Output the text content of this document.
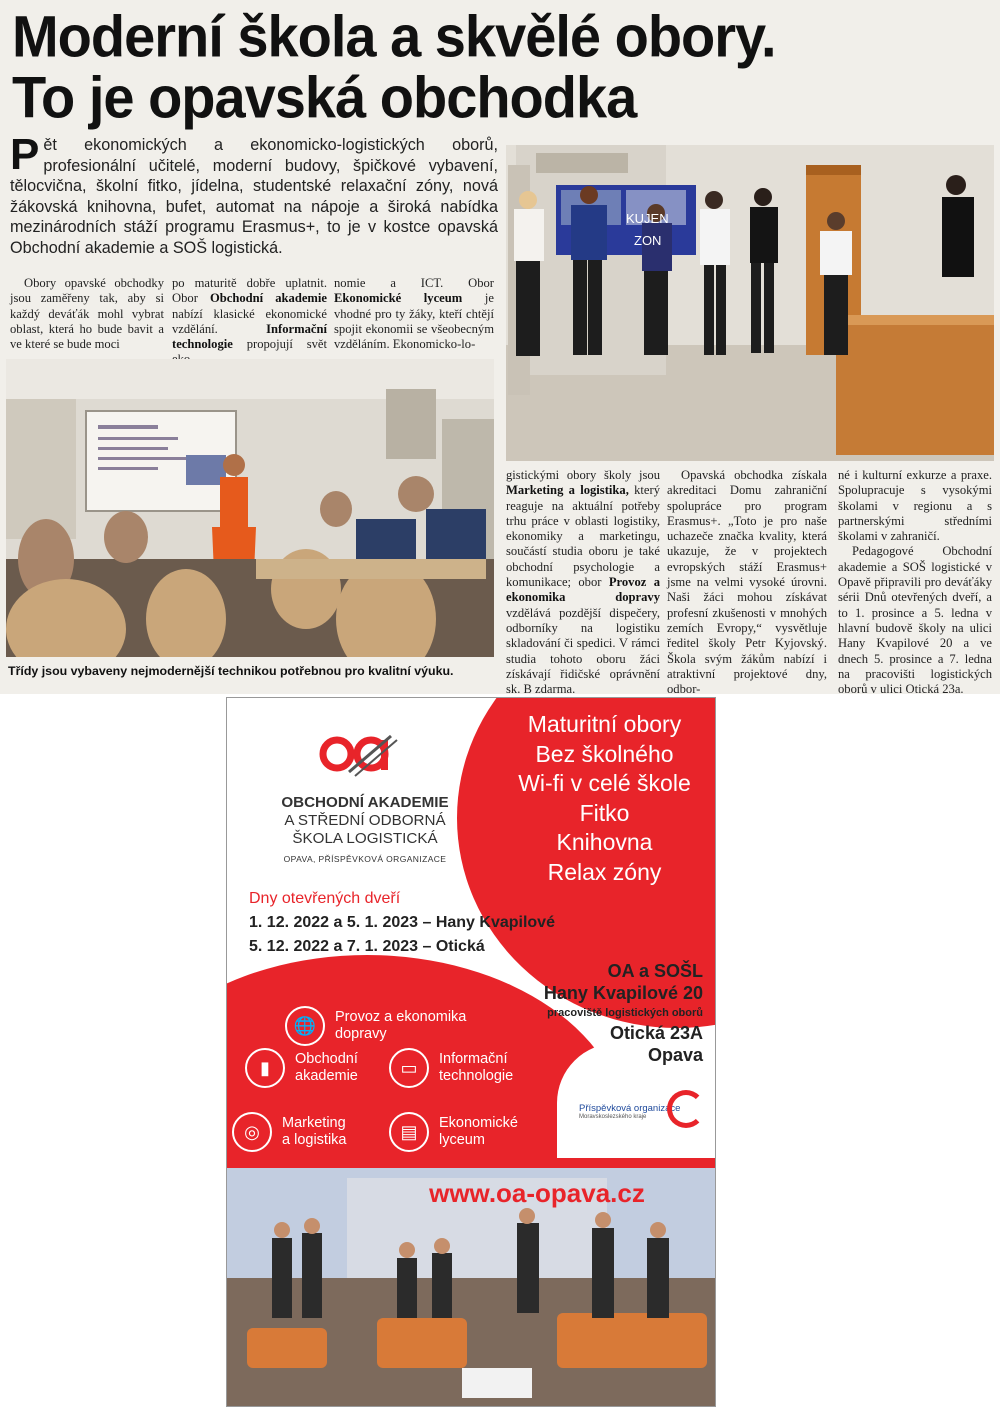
Moderní škola a skvělé obory.
To je opavská obchodka
P ět ekonomických a ekonomicko-logistických oborů, profesionální učitelé, moderní budovy, špičkové vybavení, tělocvična, školní fitko, jídelna, studentské relaxační zóny, nová žákovská knihovna, bufet, automat na nápoje a široká nabídka mezinárodních stáží programu Erasmus+, to je v kostce opavská Obchodní akademie a SOŠ logistická.
KUJEN
ZON

Obory opavské obchodky jsou zaměřeny tak, aby si každý deváťák mohl vybrat oblast, která ho bude bavit a ve které se bude moci

po maturitě dobře uplatnit. Obor Obchodní akademie nabízí klasické ekonomické vzdělání. Informační technologie propojují svět
nomie a ICT. Obor Ekonomické lyceum je vhodné pro ty žáky, kteří chtějí spojit ekonomii se všeobecným vzděláním. Ekonomicko-lo-
gistickými obory školy jsou Marketing a logistika, který reaguje na aktuální potřeby trhu práce v oblasti logistiky, ekonomiky a marketingu, součástí studia oboru je také obchodní psychologie a komunikace; obor Provoz a ekonomika dopravy vzdělává pozdější dispečery, odborníky na logistiku skladování či spedici. V rámci studia tohoto oboru žáci získávají řidičské oprávnění sk. B zdarma.

Opavská obchodka získala akreditaci Domu zahraniční spolupráce pro program Erasmus+. „Toto je pro naše uchazeče značka kvality, která ukazuje, že v projektech evropských stáží Erasmus+ jsme na velmi vysoké úrovni. Naši žáci mohou získávat profesní zkušenosti v mnohých zemích Evropy,“ vysvětluje ředitel školy Petr Kyjovský. Škola svým žákům nabízí i atraktivní projektové dny, odbor-

né i kulturní exkurze a praxe. Spolupracuje s vysokými školami v regionu a s partnerskými středními školami v zahraničí.

Pedagogové Obchodní akademie a SOŠ logistické v Opavě připravili pro deváťáky sérii Dnů otevřených dveří, a to 1. prosince a 5. ledna v hlavní budově školy na ulici Hany Kvapilové 20 a ve dnech 5. prosince a 7. ledna na pracovišti logistických oborů v ulici Otická 23a.

Třídy jsou vybaveny nejmodernější technikou potřebnou pro kvalitní výuku.
Maturitní obory
Bez školného
Wi-fi v celé škole
Fitko
Knihovna
Relax zóny
OBCHODNÍ AKADEMIE
A STŘEDNÍ ODBORNÁ
ŠKOLA LOGISTICKÁ
OPAVA, PŘÍSPĚVKOVÁ ORGANIZACE
Dny otevřených dveří
1. 12. 2022 a 5. 1. 2023 – Hany Kvapilové
5. 12. 2022 a 7. 1. 2023 – Otická
OA a SOŠL
Hany Kvapilové 20
pracoviště logistických oborů
Otická 23A
Opava
🌐	Provoz a ekonomika
dopravy
▮	Obchodní
akademie	▭	Informační
technologie
◎	Marketing
a logistika	▤	Ekonomické
lyceum
Příspěvková organizace
Moravskoslezského kraje
www.oa-opava.cz
